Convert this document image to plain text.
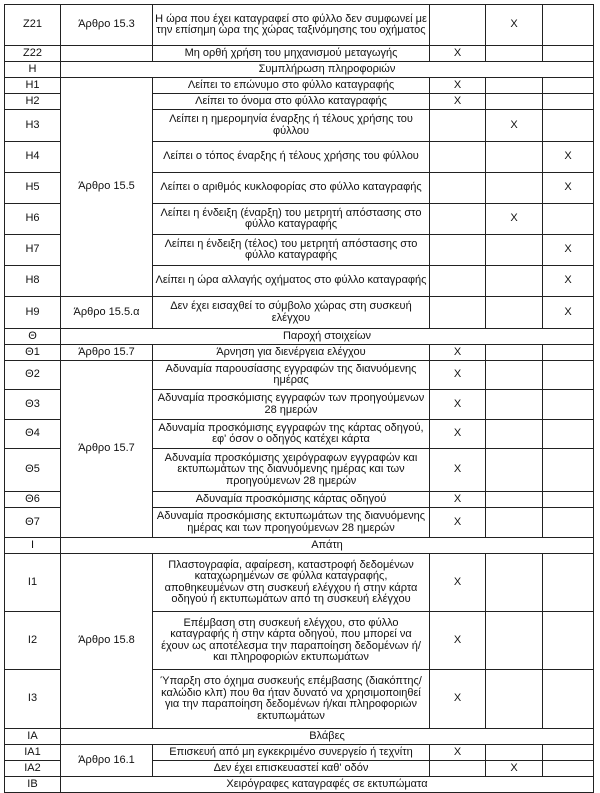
Z21	Άρθρο 15.3	Η ώρα που έχει καταγραφεί στο φύλλο δεν συμφωνεί με την επίσημη ώρα της χώρας ταξινόμησης του οχήματος		X	
Z22		Μη ορθή χρήση του μηχανισμού μεταγωγής	X		
H	Συμπλήρωση πληροφοριών				
H1	Άρθρο 15.5	Λείπει το επώνυμο στο φύλλο καταγραφής	X		
H2		Λείπει το όνομα στο φύλλο καταγραφής	X		
H3		Λείπει η ημερομηνία έναρξης ή τέλους χρήσης του φύλλου		X	
H4		Λείπει ο τόπος έναρξης ή τέλους χρήσης του φύλλου			X
H5		Λείπει ο αριθμός κυκλοφορίας στο φύλλο καταγραφής			X
H6		Λείπει η ένδειξη (έναρξη) του μετρητή απόστασης στο φύλλο καταγραφής		X	
H7		Λείπει η ένδειξη (τέλος) του μετρητή απόστασης στο φύλλο καταγραφής			X
H8		Λείπει η ώρα αλλαγής οχήματος στο φύλλο καταγραφής			X
H9	Άρθρο 15.5.α	Δεν έχει εισαχθεί το σύμβολο χώρας στη συσκευή ελέγχου			X
Θ	Παροχή στοιχείων				
Θ1	Άρθρο 15.7	Άρνηση για διενέργεια ελέγχου	X		
Θ2	Άρθρο 15.7	Αδυναμία παρουσίασης εγγραφών της διανυόμενης ημέρας	X		
Θ3		Αδυναμία προσκόμισης εγγραφών των προηγούμενων 28 ημερών	X		
Θ4		Αδυναμία προσκόμισης εγγραφών της κάρτας οδηγού, εφ' όσον ο οδηγός κατέχει κάρτα	X		
Θ5		Αδυναμία προσκόμισης χειρόγραφων εγγραφών και εκτυπωμάτων της διανυόμενης ημέρας και των προηγούμενων 28 ημερών	X		
Θ6		Αδυναμία προσκόμισης κάρτας οδηγού	X		
Θ7		Αδυναμία προσκόμισης εκτυπωμάτων της διανυόμενης ημέρας και των προηγούμενων 28 ημερών	X		
I	Απάτη				
I1	Άρθρο 15.8	Πλαστογραφία, αφαίρεση, καταστροφή δεδομένων καταχωρημένων σε φύλλα καταγραφής, αποθηκευμένων στη συσκευή ελέγχου ή στην κάρτα οδηγού ή εκτυπωμάτων από τη συσκευή ελέγχου	X		
I2		Επέμβαση στη συσκευή ελέγχου, στο φύλλο καταγραφής ή στην κάρτα οδηγού, που μπορεί να έχουν ως αποτέλεσμα την παραποίηση δεδομένων ή/και πληροφοριών εκτυπωμάτων	X		
I3		Ύπαρξη στο όχημα συσκευής επέμβασης (διακόπτης/καλώδιο κλπ) που θα ήταν δυνατό να χρησιμοποιηθεί για την παραποίηση δεδομένων ή/και πληροφοριών εκτυπωμάτων	X		
IA	Βλάβες				
IA1	Άρθρο 16.1	Επισκευή από μη εγκεκριμένο συνεργείο ή τεχνίτη	X		
IA2		Δεν έχει επισκευαστεί καθ' οδόν		X	
IB	Χειρόγραφες καταγραφές σε εκτυπώματα				
